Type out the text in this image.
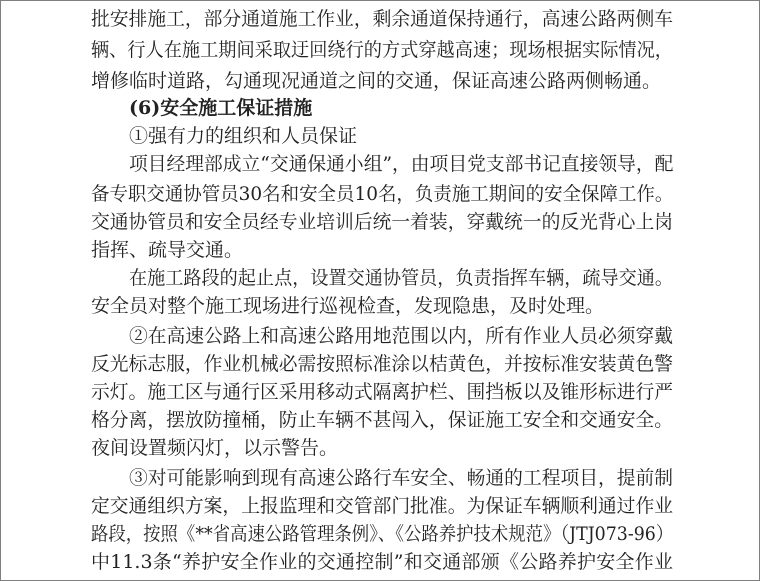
批安排施工，部分通道施工作业，剩余通道保持通行，高速公路两侧车
辆、行人在施工期间采取迂回绕行的方式穿越高速；现场根据实际情况，
增修临时道路，勾通现况通道之间的交通，保证高速公路两侧畅通。
(6)安全施工保证措施
①强有力的组织和人员保证
项目经理部成立“交通保通小组”，由项目党支部书记直接领导，配
备专职交通协管员30名和安全员10名，负责施工期间的安全保障工作。
交通协管员和安全员经专业培训后统一着装，穿戴统一的反光背心上岗
指挥、疏导交通。
在施工路段的起止点，设置交通协管员，负责指挥车辆，疏导交通。
安全员对整个施工现场进行巡视检查，发现隐患，及时处理。
②在高速公路上和高速公路用地范围以内，所有作业人员必须穿戴
反光标志服，作业机械必需按照标准涂以桔黄色，并按标准安装黄色警
示灯。施工区与通行区采用移动式隔离护栏、围挡板以及锥形标进行严
格分离，摆放防撞桶，防止车辆不甚闯入，保证施工安全和交通安全。
夜间设置频闪灯，以示警告。
③对可能影响到现有高速公路行车安全、畅通的工程项目，提前制
定交通组织方案，上报监理和交管部门批准。为保证车辆顺利通过作业
路段，按照《**省高速公路管理条例》、《公路养护技术规范》（JTJ073-96）
中11.3条“养护安全作业的交通控制”和交通部颁《公路养护安全作业
